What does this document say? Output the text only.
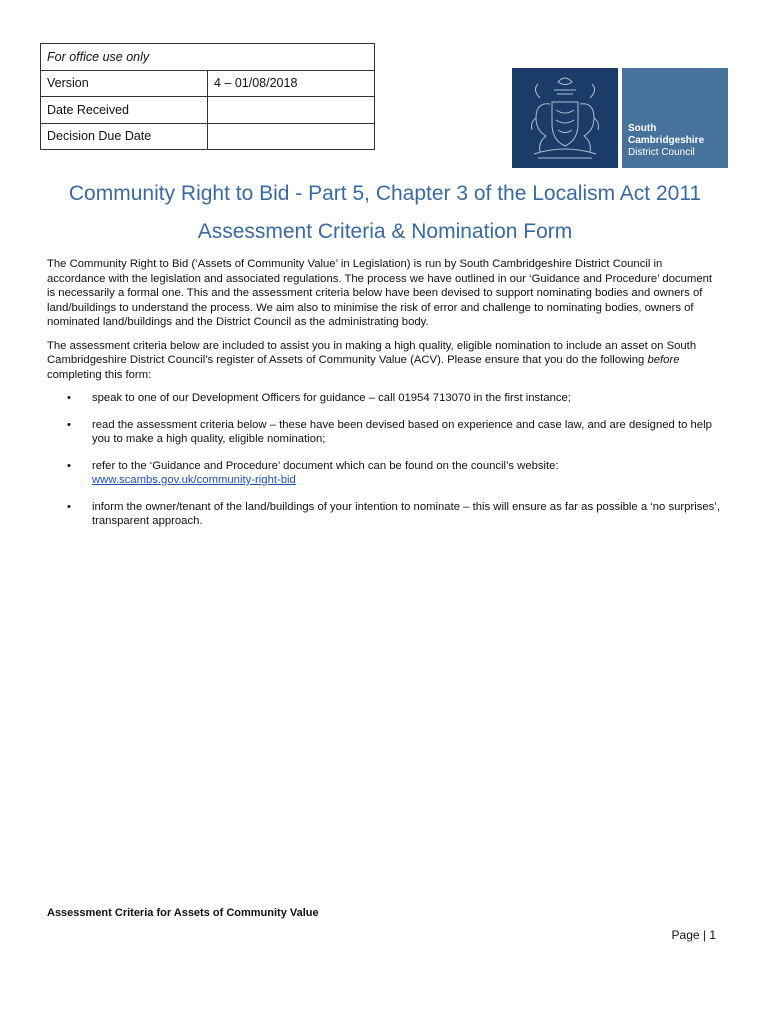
For office use only	
Version	4 – 01/08/2018
Date Received	
Decision Due Date	
South
Cambridgeshire
District Council
Community Right to Bid - Part 5, Chapter 3 of the Localism Act 2011
Assessment Criteria & Nomination Form

The Community Right to Bid (‘Assets of Community Value’ in Legislation) is run by South Cambridgeshire District Council in accordance with the legislation and associated regulations. The process we have outlined in our ‘Guidance and Procedure’ document is necessarily a formal one. This and the assessment criteria below have been devised to support nominating bodies and owners of land/buildings to understand the process. We aim also to minimise the risk of error and challenge to nominating bodies, owners of nominated land/buildings and the District Council as the administrating body.

The assessment criteria below are included to assist you in making a high quality, eligible nomination to include an asset on South Cambridgeshire District Council’s register of Assets of Community Value (ACV). Please ensure that you do the following before completing this form:

• speak to one of our Development Officers for guidance – call 01954 713070 in the first instance;
• read the assessment criteria below – these have been devised based on experience and case law, and are designed to help you to make a high quality, eligible nomination;
• refer to the ‘Guidance and Procedure’ document which can be found on the council’s website:
www.scambs.gov.uk/community-right-bid
• inform the owner/tenant of the land/buildings of your intention to nominate – this will ensure as far as possible a ‘no surprises’, transparent approach.
Assessment Criteria for Assets of Community Value
Page | 1
